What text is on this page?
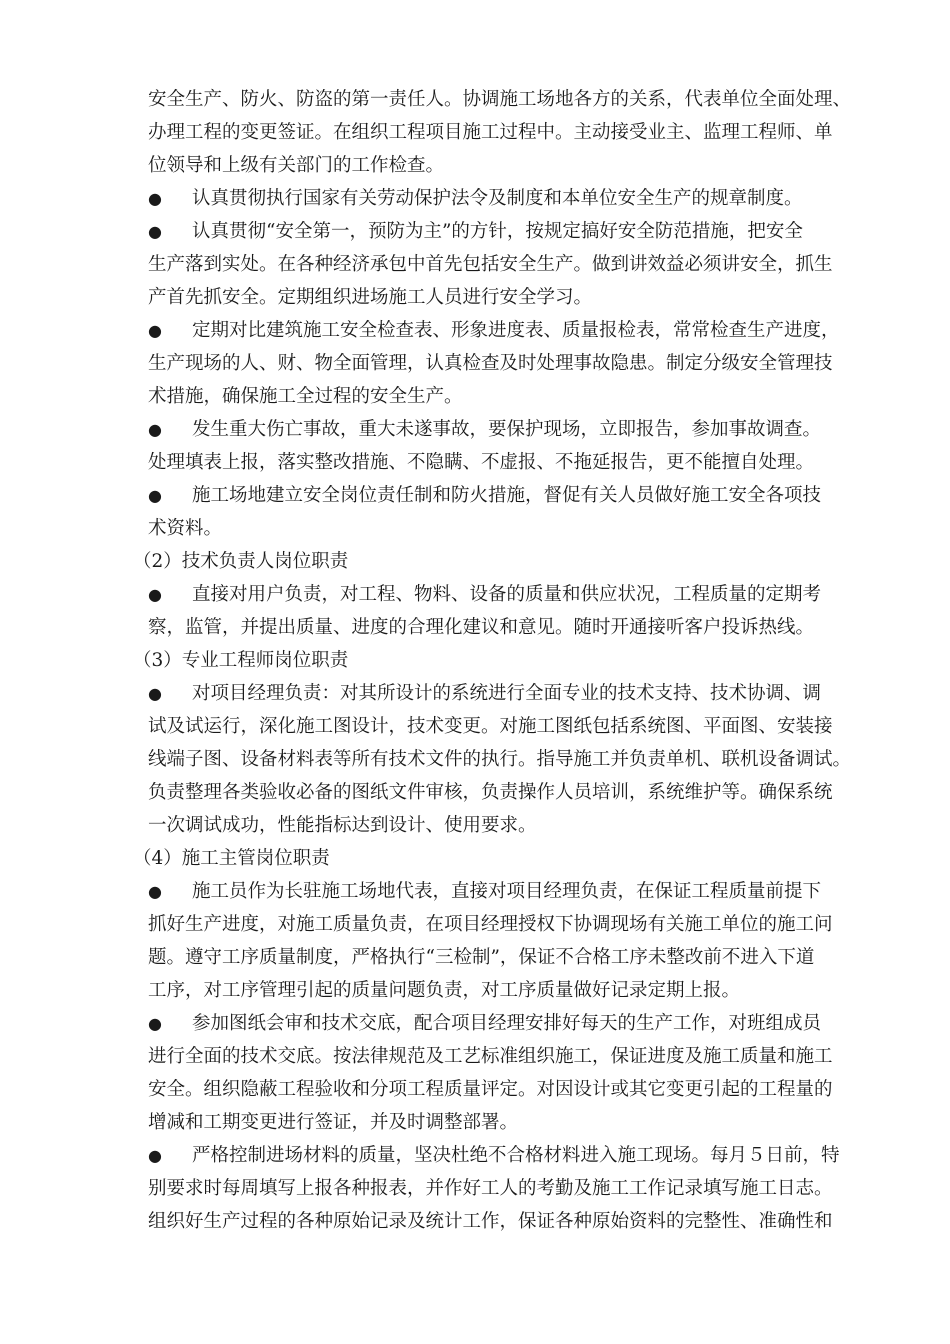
安全生产、防火、防盗的第一责任人。协调施工场地各方的关系，代表单位全面处理、
办理工程的变更签证。在组织工程项目施工过程中。主动接受业主、监理工程师、单
位领导和上级有关部门的工作检查。
● 认真贯彻执行国家有关劳动保护法令及制度和本单位安全生产的规章制度。
● 认真贯彻“安全第一，预防为主”的方针，按规定搞好安全防范措施，把安全
生产落到实处。在各种经济承包中首先包括安全生产。做到讲效益必须讲安全，抓生
产首先抓安全。定期组织进场施工人员进行安全学习。
● 定期对比建筑施工安全检查表、形象进度表、质量报检表，常常检查生产进度，
生产现场的人、财、物全面管理，认真检查及时处理事故隐患。制定分级安全管理技
术措施，确保施工全过程的安全生产。
● 发生重大伤亡事故，重大未遂事故，要保护现场，立即报告，参加事故调查。
处理填表上报，落实整改措施、不隐瞒、不虚报、不拖延报告，更不能擅自处理。
● 施工场地建立安全岗位责任制和防火措施，督促有关人员做好施工安全各项技
术资料。
（2）技术负责人岗位职责
● 直接对用户负责，对工程、物料、设备的质量和供应状况，工程质量的定期考
察，监管，并提出质量、进度的合理化建议和意见。随时开通接听客户投诉热线。
（3）专业工程师岗位职责
● 对项目经理负责：对其所设计的系统进行全面专业的技术支持、技术协调、调
试及试运行，深化施工图设计，技术变更。对施工图纸包括系统图、平面图、安装接
线端子图、设备材料表等所有技术文件的执行。指导施工并负责单机、联机设备调试。
负责整理各类验收必备的图纸文件审核，负责操作人员培训，系统维护等。确保系统
一次调试成功，性能指标达到设计、使用要求。
（4）施工主管岗位职责
● 施工员作为长驻施工场地代表，直接对项目经理负责，在保证工程质量前提下
抓好生产进度，对施工质量负责，在项目经理授权下协调现场有关施工单位的施工问
题。遵守工序质量制度，严格执行“三检制”，保证不合格工序未整改前不进入下道
工序，对工序管理引起的质量问题负责，对工序质量做好记录定期上报。
● 参加图纸会审和技术交底，配合项目经理安排好每天的生产工作，对班组成员
进行全面的技术交底。按法律规范及工艺标准组织施工，保证进度及施工质量和施工
安全。组织隐蔽工程验收和分项工程质量评定。对因设计或其它变更引起的工程量的
增减和工期变更进行签证，并及时调整部署。
● 严格控制进场材料的质量，坚决杜绝不合格材料进入施工现场。每月５日前，特
别要求时每周填写上报各种报表，并作好工人的考勤及施工工作记录填写施工日志。
组织好生产过程的各种原始记录及统计工作，保证各种原始资料的完整性、准确性和
